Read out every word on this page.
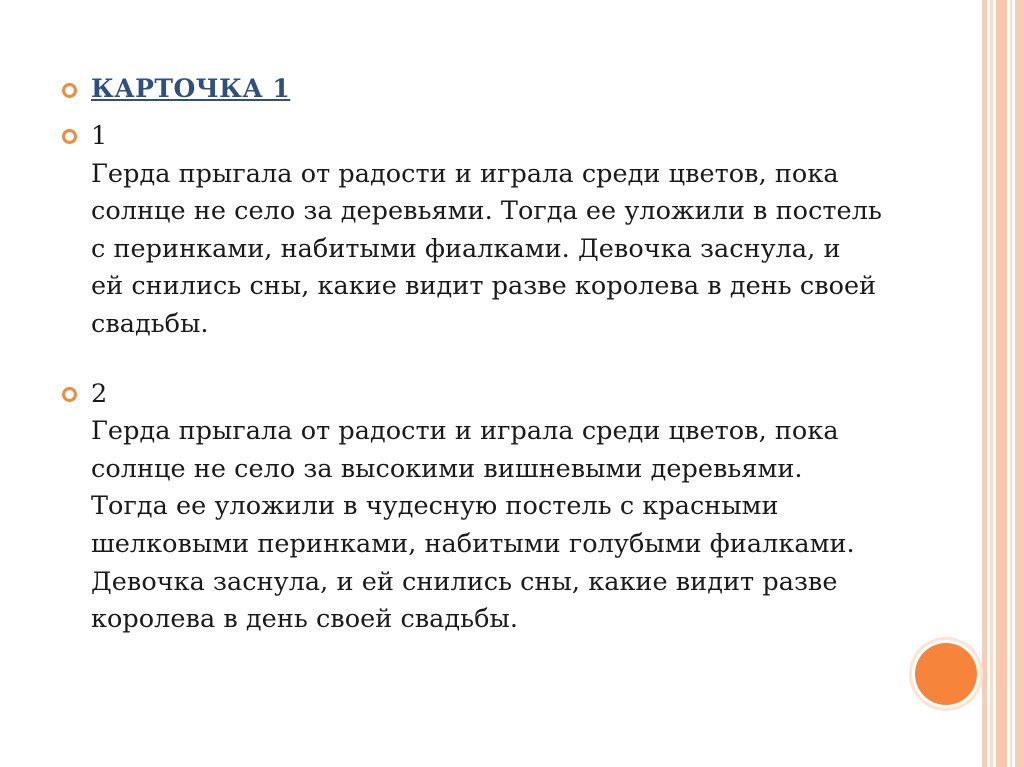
КАРТОЧКА 1
1
Герда прыгала от радости и играла среди цветов, пока
солнце не село за деревьями. Тогда ее уложили в постель
с перинками, набитыми фиалками. Девочка заснула, и
ей снились сны, какие видит разве королева в день своей
свадьбы.
2
Герда прыгала от радости и играла среди цветов, пока
солнце не село за высокими вишневыми деревьями.
Тогда ее уложили в чудесную постель с красными
шелковыми перинками, набитыми голубыми фиалками.
Девочка заснула, и ей снились сны, какие видит разве
королева в день своей свадьбы.
